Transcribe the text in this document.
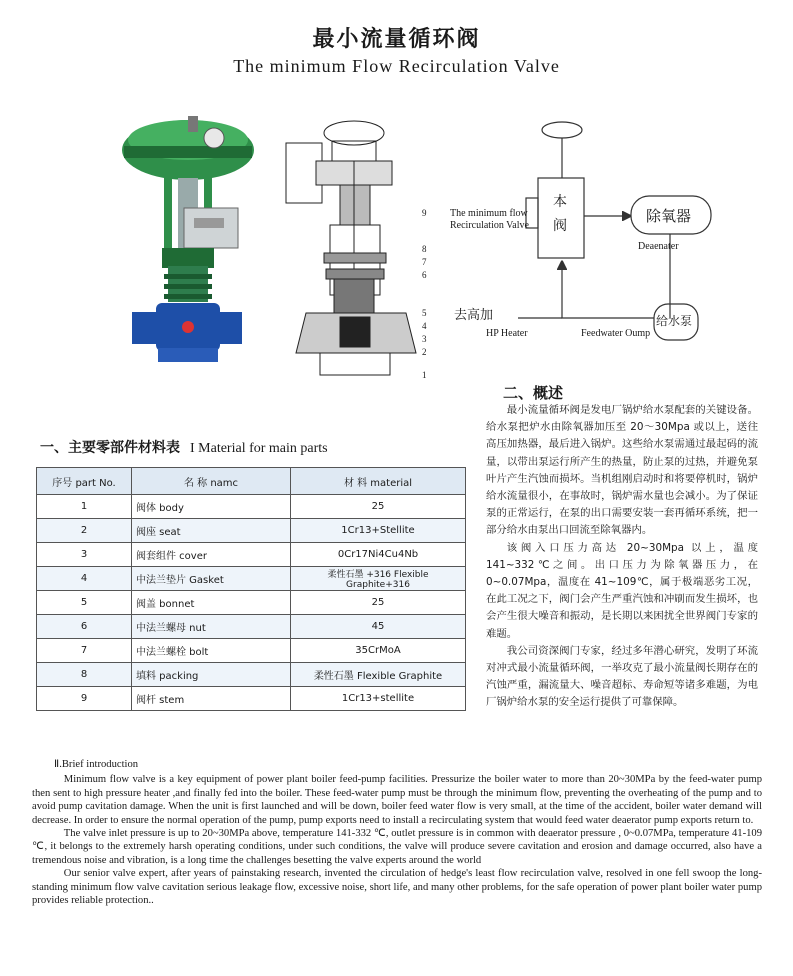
最小流量循环阀
The minimum Flow Recirculation Valve
9
8
7
6
5
4
3
2
1
The minimum flow
Recirculation Valve
本
阀
除氧器
Deaenater
给水泵
Feedwater Oump
去高加
HP Heater
一、主要零部件材料表 I Material for main parts
序号 part No.	名 称 namc	材 料 material
1	阀体 body	25
2	阀座 seat	1Cr13+Stellite
3	阀套组件 cover	0Cr17Ni4Cu4Nb
4	中法兰垫片 Gasket	柔性石墨 +316 Flexible Graphite+316
5	阀盖 bonnet	25
6	中法兰螺母 nut	45
7	中法兰螺栓 bolt	35CrMoA
8	填料 packing	柔性石墨 Flexible Graphite
9	阀杆 stem	1Cr13+stellite
二、概述

最小流量循环阀是发电厂锅炉给水泵配套的关键设备。给水泵把炉水由除氧器加压至 20～30Mpa 或以上，送往高压加热器，最后进入锅炉。这些给水泵需通过最起码的流量，以带出泵运行所产生的热量，防止泵的过热，并避免泵叶片产生汽蚀而损坏。当机组刚启动时和将要停机时，锅炉给水流量很小，在事故时，锅炉需水量也会减小。为了保证泵的正常运行，在泵的出口需要安装一套再循环系统，把一部分给水由泵出口回流至除氧器内。

该阀入口压力高达 20~30Mpa 以上，温度141~332℃之间。出口压力为除氧器压力，在0~0.07Mpa，温度在 41~109℃，属于极端恶劣工况，在此工况之下，阀门会产生严重汽蚀和冲刷而发生损坏，也会产生很大噪音和振动，是长期以来困扰全世界阀门专家的难题。

我公司资深阀门专家，经过多年潜心研究，发明了环流对冲式最小流量循环阀，一举攻克了最小流量阀长期存在的汽蚀严重，漏流量大、噪音超标、寿命短等诸多难题，为电厂锅炉给水泵的安全运行提供了可靠保障。

Ⅱ.Brief introduction

Minimum flow valve is a key equipment of power plant boiler feed-pump facilities. Pressurize the boiler water to more than 20~30MPa by the feed-water pump then sent to high pressure heater ,and finally fed into the boiler. These feed-water pump must be through the minimum flow, preventing the overheating of the pump and to avoid pump cavitation damage. When the unit is first launched and will be down, boiler feed water flow is very small, at the time of the accident, boiler water demand will decrease. In order to ensure the normal operation of the pump, pump exports need to install a recirculating system that would feed water deaerator pump exports return to.

The valve inlet pressure is up to 20~30MPa above, temperature 141-332 ℃, outlet pressure is in common with deaerator pressure , 0~0.07MPa, temperature 41-109 ℃, it belongs to the extremely harsh operating conditions, under such conditions, the valve will produce severe cavitation and erosion and damage occurred, also have a tremendous noise and vibration, is a long time the challenges besetting the valve experts around the world

Our senior valve expert, after years of painstaking research, invented the circulation of hedge's least flow recirculation valve, resolved in one fell swoop the long-standing minimum flow valve cavitation serious leakage flow, excessive noise, short life, and many other problems, for the safe operation of power plant boiler water pump provides reliable protection..
